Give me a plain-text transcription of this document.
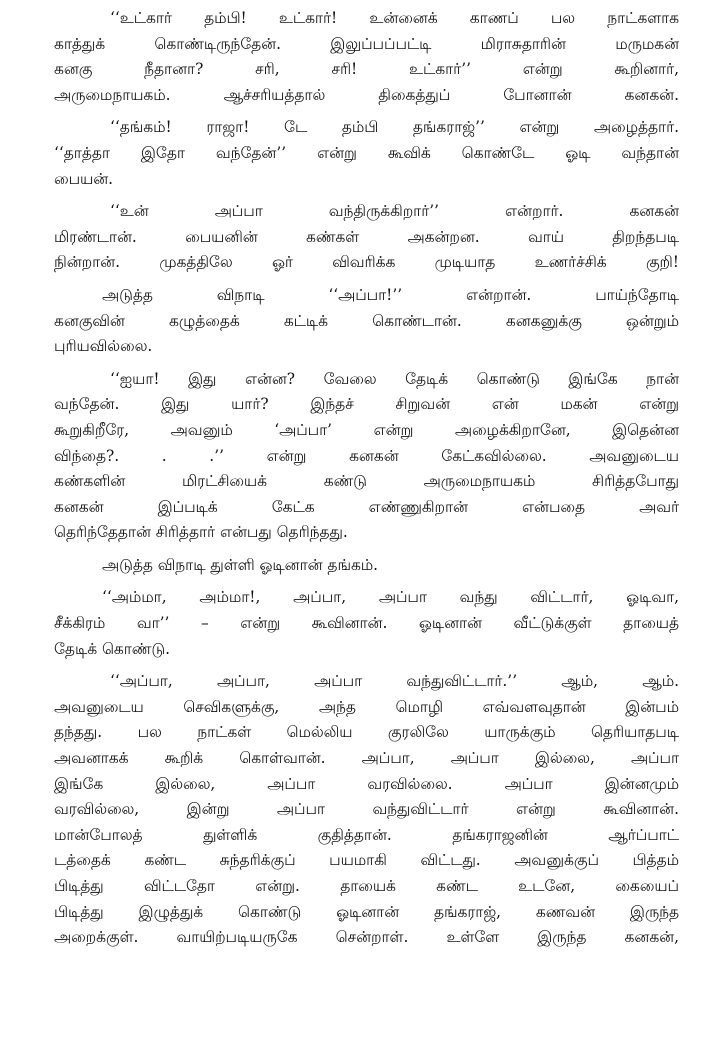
‘‘உட்கார் தம்பி! உட்கார்! உன்னைக் காணப் பல நாட்களாக
காத்துக் கொண்டிருந்தேன். இலுப்பப்பட்டி மிராசுதாரின் மருமகன்
கனகு நீதானா? சரி, சரி! உட்கார்’’ என்று கூறினார்,
அருமைநாயகம். ஆச்சரியத்தால் திகைத்துப் போனான் கனகன்.
‘‘தங்கம்! ராஜா! டே தம்பி தங்கராஜ்’’ என்று அழைத்தார்.
‘‘தாத்தா இதோ வந்தேன்’’ என்று கூவிக் கொண்டே ஓடி வந்தான்
பையன்.
‘‘உன் அப்பா வந்திருக்கிறார்’’ என்றார். கனகன்
மிரண்டான். பையனின் கண்கள் அகன்றன. வாய் திறந்தபடி
நின்றான். முகத்திலே ஓர் விவரிக்க முடியாத உணர்ச்சிக் குறி!
அடுத்த விநாடி ‘‘அப்பா!’’ என்றான். பாய்ந்தோடி
கனகுவின் கழுத்தைக் கட்டிக் கொண்டான். கனகனுக்கு ஒன்றும்
புரியவில்லை.
‘‘ஐயா! இது என்ன? வேலை தேடிக் கொண்டு இங்கே நான்
வந்தேன். இது யார்? இந்தச் சிறுவன் என் மகன் என்று
கூறுகிறீரே, அவனும் ‘அப்பா’ என்று அழைக்கிறானே, இதென்ன
விந்தை?. . .’’ என்று கனகன் கேட்கவில்லை. அவனுடைய
கண்களின் மிரட்சியைக் கண்டு அருமைநாயகம் சிரித்தபோது
கனகன் இப்படிக் கேட்க எண்ணுகிறான் என்பதை அவர்
தெரிந்தேதான் சிரித்தார் என்பது தெரிந்தது.
அடுத்த விநாடி துள்ளி ஓடினான் தங்கம்.
‘‘அம்மா, அம்மா!, அப்பா, அப்பா வந்து விட்டார், ஓடிவா,
சீக்கிரம் வா’’ – என்று கூவினான். ஓடினான் வீட்டுக்குள் தாயைத்
தேடிக் கொண்டு.
‘‘அப்பா, அப்பா, அப்பா வந்துவிட்டார்.’’ ஆம், ஆம்.
அவனுடைய செவிகளுக்கு, அந்த மொழி எவ்வளவுதான் இன்பம்
தந்தது. பல நாட்கள் மெல்லிய குரலிலே யாருக்கும் தெரியாதபடி
அவனாகக் கூறிக் கொள்வான். அப்பா, அப்பா இல்லை, அப்பா
இங்கே இல்லை, அப்பா வரவில்லை. அப்பா இன்னமும்
வரவில்லை, இன்று அப்பா வந்துவிட்டார் என்று கூவினான்.
மான்போலத் துள்ளிக் குதித்தான். தங்கராஜனின் ஆர்ப்பாட்
டத்தைக் கண்ட சுந்தரிக்குப் பயமாகி விட்டது. அவனுக்குப் பித்தம்
பிடித்து விட்டதோ என்று. தாயைக் கண்ட உடனே, கையைப்
பிடித்து இழுத்துக் கொண்டு ஓடினான் தங்கராஜ், கணவன் இருந்த
அறைக்குள். வாயிற்படியருகே சென்றாள். உள்ளே இருந்த கனகன்,
